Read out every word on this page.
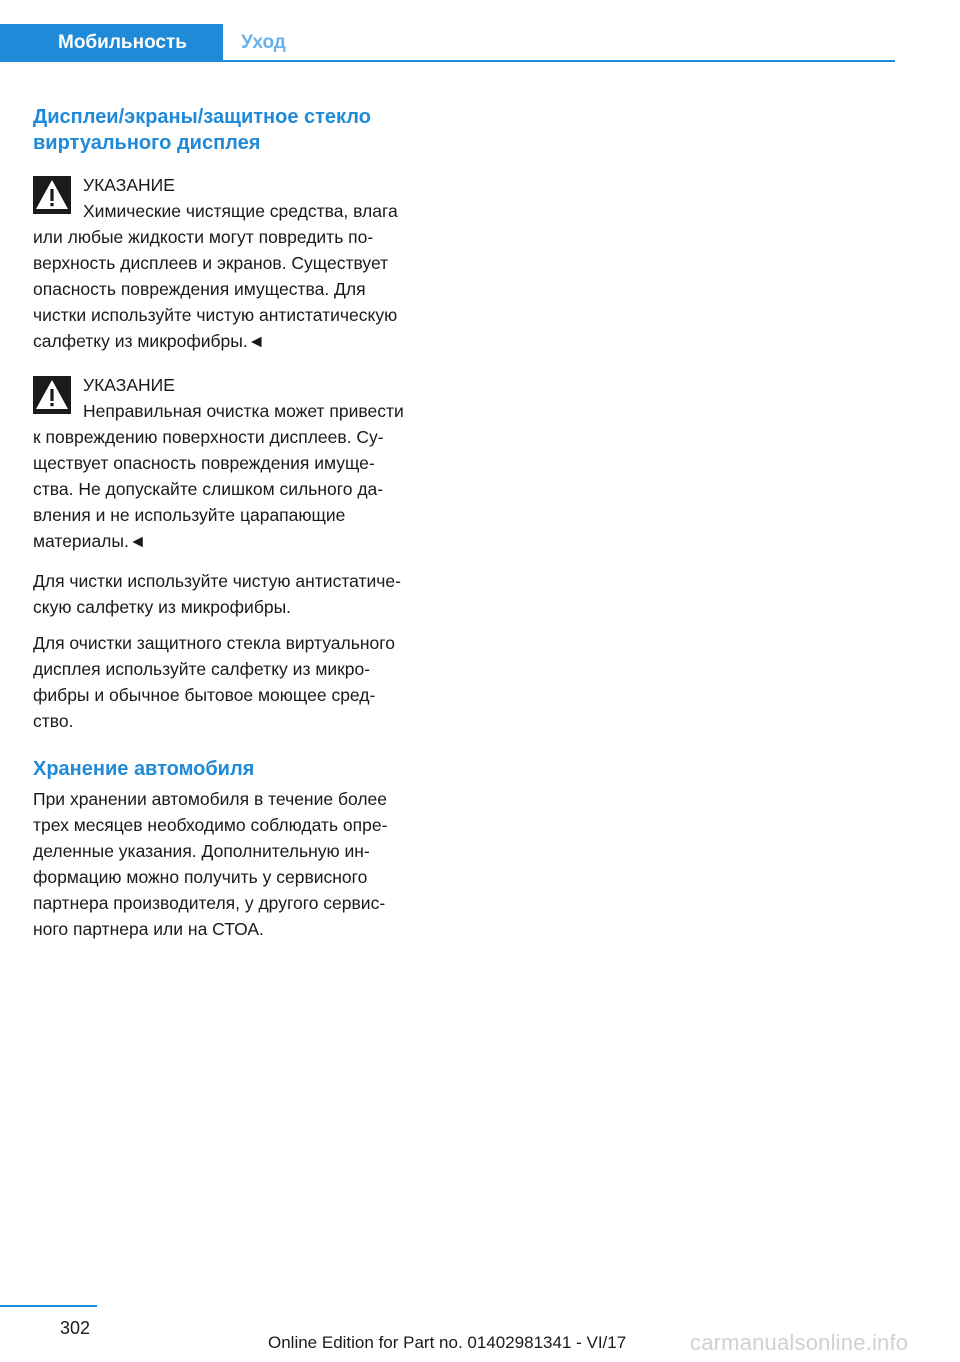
Мобильность	Уход
Дисплеи/экраны/защитное стекло
виртуального дисплея
УКАЗАНИЕ

Химические чистящие средства, влага
или любые жидкости могут повредить по-
верхность дисплеев и экранов. Существует
опасность повреждения имущества. Для
чистки используйте чистую антистатическую
салфетку из микрофибры.◄

УКАЗАНИЕ

Неправильная очистка может привести
к повреждению поверхности дисплеев. Су-
ществует опасность повреждения имуще-
ства. Не допускайте слишком сильного да-
вления и не используйте царапающие
материалы.◄

Для чистки используйте чистую антистатиче-
скую салфетку из микрофибры.

Для очистки защитного стекла виртуального
дисплея используйте салфетку из микро-
фибры и обычное бытовое моющее сред-
ство.

Хранение автомобиля

При хранении автомобиля в течение более
трех месяцев необходимо соблюдать опре-
деленные указания. Дополнительную ин-
формацию можно получить у сервисного
партнера производителя, у другого сервис-
ного партнера или на СТОА.

302
Online Edition for Part no. 01402981341 - VI/17	carmanualsonline.info
